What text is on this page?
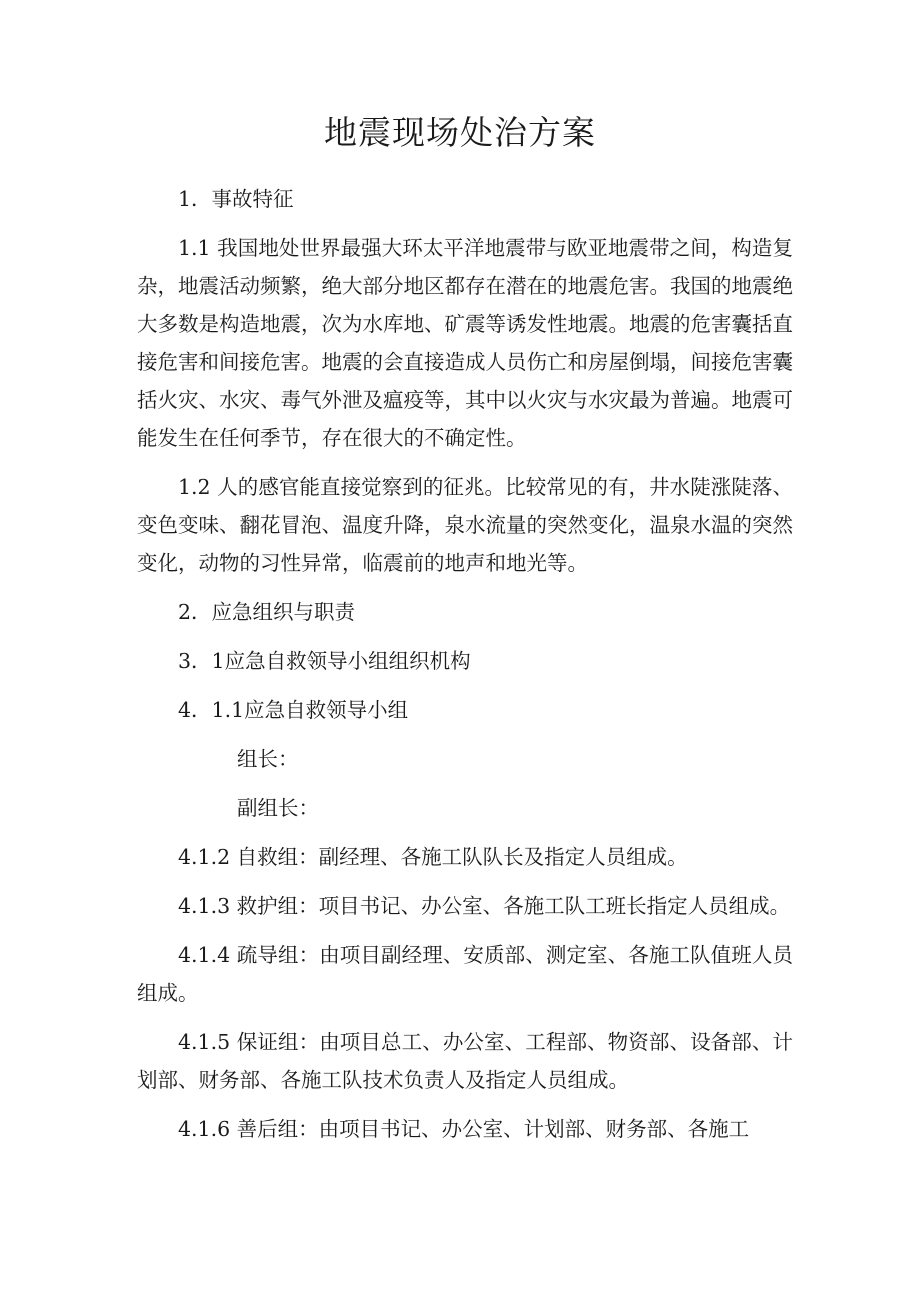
地震现场处治方案

1．事故特征

1.1 我国地处世界最强大环太平洋地震带与欧亚地震带之间，构造复杂，地震活动频繁，绝大部分地区都存在潜在的地震危害。我国的地震绝大多数是构造地震，次为水库地、矿震等诱发性地震。地震的危害囊括直接危害和间接危害。地震的会直接造成人员伤亡和房屋倒塌，间接危害囊括火灾、水灾、毒气外泄及瘟疫等，其中以火灾与水灾最为普遍。地震可能发生在任何季节，存在很大的不确定性。

1.2 人的感官能直接觉察到的征兆。比较常见的有，井水陡涨陡落、变色变味、翻花冒泡、温度升降，泉水流量的突然变化，温泉水温的突然变化，动物的习性异常，临震前的地声和地光等。

2．应急组织与职责

3．1应急自救领导小组组织机构

4．1.1应急自救领导小组

组长：

副组长：

4.1.2 自救组：副经理、各施工队队长及指定人员组成。

4.1.3 救护组：项目书记、办公室、各施工队工班长指定人员组成。

4.1.4 疏导组：由项目副经理、安质部、测定室、各施工队值班人员组成。

4.1.5 保证组：由项目总工、办公室、工程部、物资部、设备部、计划部、财务部、各施工队技术负责人及指定人员组成。

4.1.6 善后组：由项目书记、办公室、计划部、财务部、各施工
